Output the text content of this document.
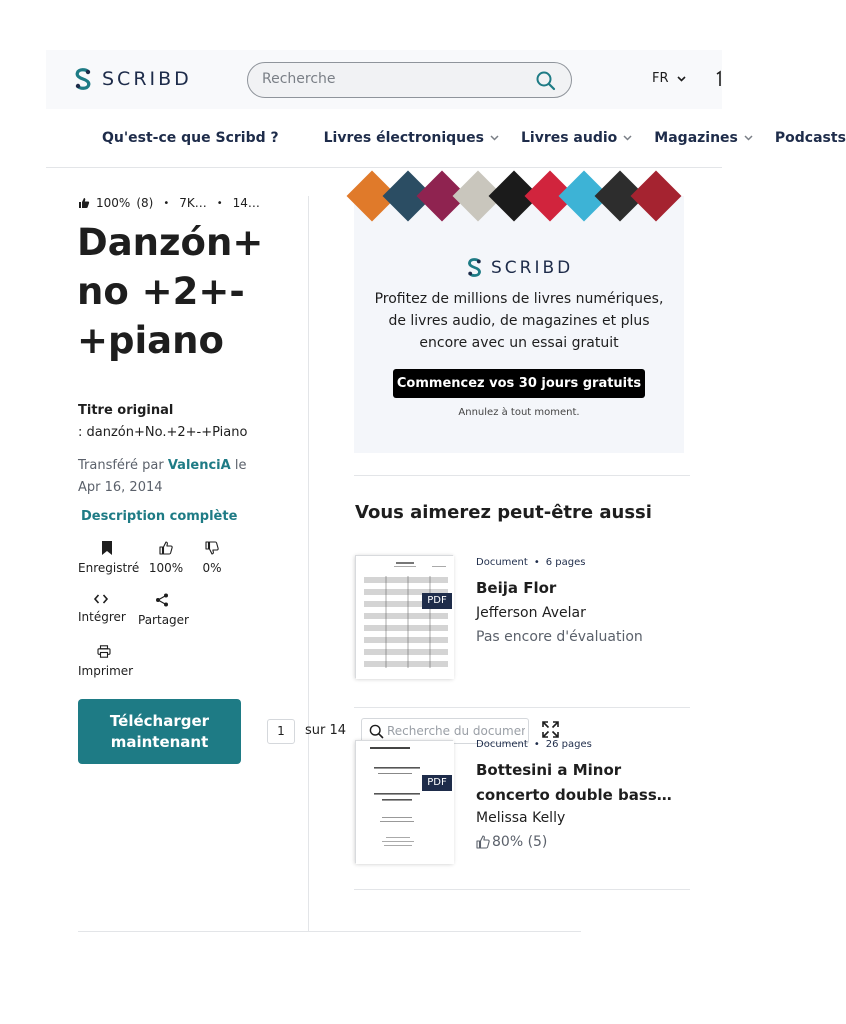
SCRIBD
Recherche	FR
Qu'est-ce que Scribd ?	Livres électroniques	Livres audio	Magazines	Podcasts
100% (8) • 7K… • 14…
Danzón+no +2+-+piano
Titre original
: danzón+No.+2+-+Piano
Transféré par ValenciA le
Apr 16, 2014
Description complète
Enregistré 100%	0%
Intégrer Partager
Imprimer
Télécharger maintenant
1	sur 14
Recherche du document
SCRIBD
Profitez de millions de livres numériques,
de livres audio, de magazines et plus
encore avec un essai gratuit
Commencez vos 30 jours gratuits
Annulez à tout moment.
Vous aimerez peut-être aussi
PDF
Document • 6 pages
Beija Flor
Jefferson Avelar
Pas encore d'évaluation
PDF
Document • 26 pages
Bottesini a Minor concerto double bass…
Melissa Kelly
80% (5)
